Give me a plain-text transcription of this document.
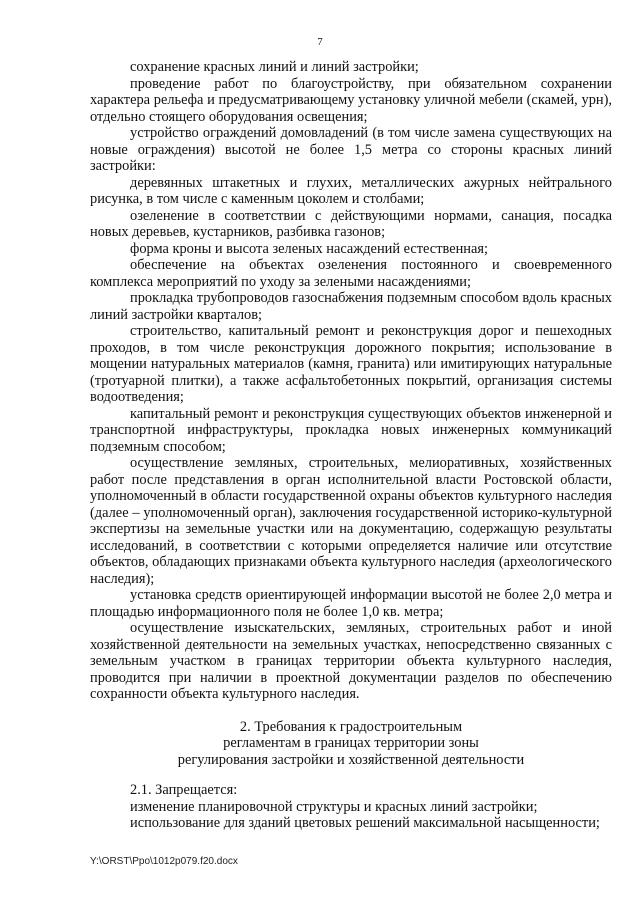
7

сохранение красных линий и линий застройки;

проведение работ по благоустройству, при обязательном сохранении характера рельефа и предусматривающему установку уличной мебели (скамей, урн), отдельно стоящего оборудования освещения;

устройство ограждений домовладений (в том числе замена существующих на новые ограждения) высотой не более 1,5 метра со стороны красных линий застройки:

деревянных штакетных и глухих, металлических ажурных нейтрального рисунка, в том числе с каменным цоколем и столбами;

озеленение в соответствии с действующими нормами, санация, посадка новых деревьев, кустарников, разбивка газонов;

форма кроны и высота зеленых насаждений естественная;

обеспечение на объектах озеленения постоянного и своевременного комплекса мероприятий по уходу за зелеными насаждениями;

прокладка трубопроводов газоснабжения подземным способом вдоль красных линий застройки кварталов;

строительство, капитальный ремонт и реконструкция дорог и пешеходных проходов, в том числе реконструкция дорожного покрытия; использование в мощении натуральных материалов (камня, гранита) или имитирующих натуральные (тротуарной плитки), а также асфальтобетонных покрытий, организация системы водоотведения;

капитальный ремонт и реконструкция существующих объектов инженерной и транспортной инфраструктуры, прокладка новых инженерных коммуникаций подземным способом;

осуществление земляных, строительных, мелиоративных, хозяйственных работ после представления в орган исполнительной власти Ростовской области, уполномоченный в области государственной охраны объектов культурного наследия (далее – уполномоченный орган), заключения государственной историко-культурной экспертизы на земельные участки или на документацию, содержащую результаты исследований, в соответствии с которыми определяется наличие или отсутствие объектов, обладающих признаками объекта культурного наследия (археологического наследия);

установка средств ориентирующей информации высотой не более 2,0 метра и площадью информационного поля не более 1,0 кв. метра;

осуществление изыскательских, земляных, строительных работ и иной хозяйственной деятельности на земельных участках, непосредственно связанных с земельным участком в границах территории объекта культурного наследия, проводится при наличии в проектной документации разделов по обеспечению сохранности объекта культурного наследия.

2. Требования к градостроительным
регламентам в границах территории зоны
регулирования застройки и хозяйственной деятельности

2.1. Запрещается:

изменение планировочной структуры и красных линий застройки;

использование для зданий цветовых решений максимальной насыщенности;

Y:\ORST\Ppo\1012p079.f20.docx
